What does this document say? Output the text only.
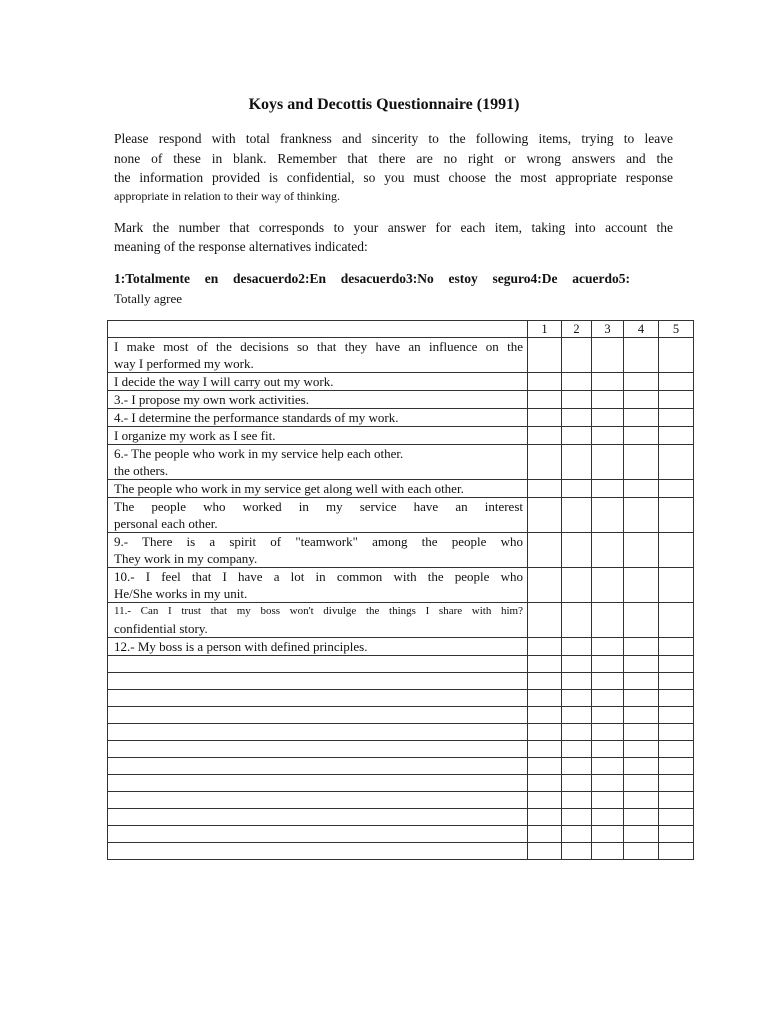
Koys and Decottis Questionnaire (1991)
Please respond with total frankness and sincerity to the following items, trying to leave
none of these in blank. Remember that there are no right or wrong answers and the
the information provided is confidential, so you must choose the most appropriate response
appropriate in relation to their way of thinking.
Mark the number that corresponds to your answer for each item, taking into account the
meaning of the response alternatives indicated:
1:Totalmente en desacuerdo2:En desacuerdo3:No estoy seguro4:De acuerdo5:
Totally agree
	1	2	3	4	5

I make most of the decisions so that they have an influence on the
way I performed my work.					

I decide the way I will carry out my work.					

3.- I propose my own work activities.					

4.- I determine the performance standards of my work.					

I organize my work as I see fit.					

6.- The people who work in my service help each other.
the others.					

The people who work in my service get along well with each other.					

The people who worked in my service have an interest
personal each other.					

9.- There is a spirit of "teamwork" among the people who
They work in my company.					

10.- I feel that I have a lot in common with the people who
He/She works in my unit.					

11.- Can I trust that my boss won't divulge the things I share with him?
confidential story.					

12.- My boss is a person with defined principles.					
